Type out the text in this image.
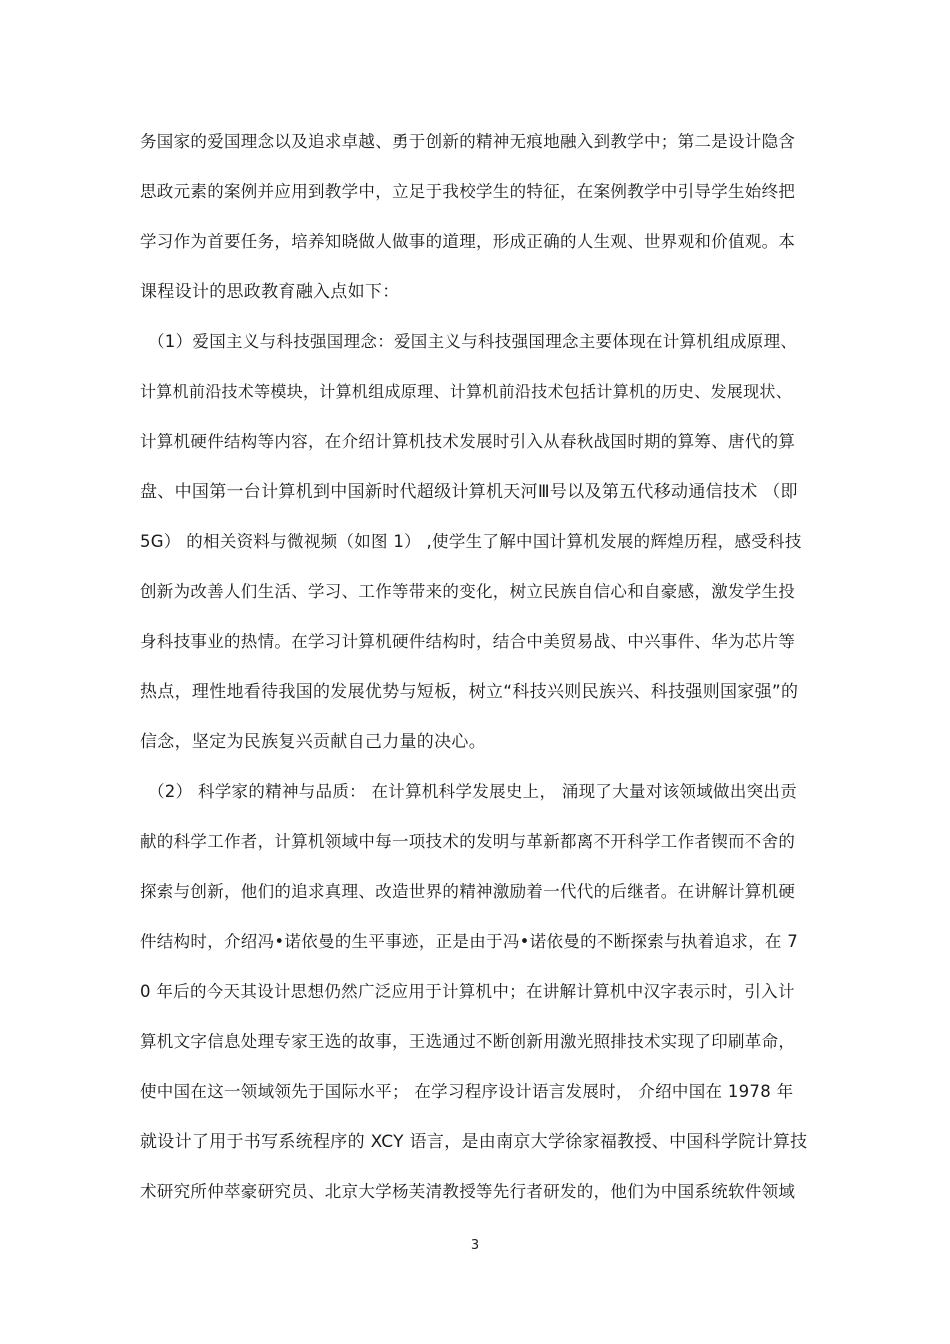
务国家的爱国理念以及追求卓越、勇于创新的精神无痕地融入到教学中；第二是设计隐含
思政元素的案例并应用到教学中，立足于我校学生的特征，在案例教学中引导学生始终把
学习作为首要任务，培养知晓做人做事的道理，形成正确的人生观、世界观和价值观。本
课程设计的思政教育融入点如下：
（1）爱国主义与科技强国理念：爱国主义与科技强国理念主要体现在计算机组成原理、
计算机前沿技术等模块，计算机组成原理、计算机前沿技术包括计算机的历史、发展现状、
计算机硬件结构等内容，在介绍计算机技术发展时引入从春秋战国时期的算筹、唐代的算
盘、中国第一台计算机到中国新时代超级计算机天河Ⅲ号以及第五代移动通信技术 （即
5G） 的相关资料与微视频（如图 1） ,使学生了解中国计算机发展的辉煌历程，感受科技
创新为改善人们生活、学习、工作等带来的变化，树立民族自信心和自豪感，激发学生投
身科技事业的热情。在学习计算机硬件结构时，结合中美贸易战、中兴事件、华为芯片等
热点，理性地看待我国的发展优势与短板，树立“科技兴则民族兴、科技强则国家强”的
信念，坚定为民族复兴贡献自己力量的决心。
（2） 科学家的精神与品质： 在计算机科学发展史上， 涌现了大量对该领域做出突出贡
献的科学工作者，计算机领域中每一项技术的发明与革新都离不开科学工作者锲而不舍的
探索与创新，他们的追求真理、改造世界的精神激励着一代代的后继者。在讲解计算机硬
件结构时，介绍冯•诺依曼的生平事迹，正是由于冯•诺依曼的不断探索与执着追求，在 7
0 年后的今天其设计思想仍然广泛应用于计算机中；在讲解计算机中汉字表示时，引入计
算机文字信息处理专家王选的故事，王选通过不断创新用激光照排技术实现了印刷革命，
使中国在这一领域领先于国际水平； 在学习程序设计语言发展时， 介绍中国在 1978 年
就设计了用于书写系统程序的 XCY 语言，是由南京大学徐家福教授、中国科学院计算技
术研究所仲萃豪研究员、北京大学杨芙清教授等先行者研发的，他们为中国系统软件领域
3
